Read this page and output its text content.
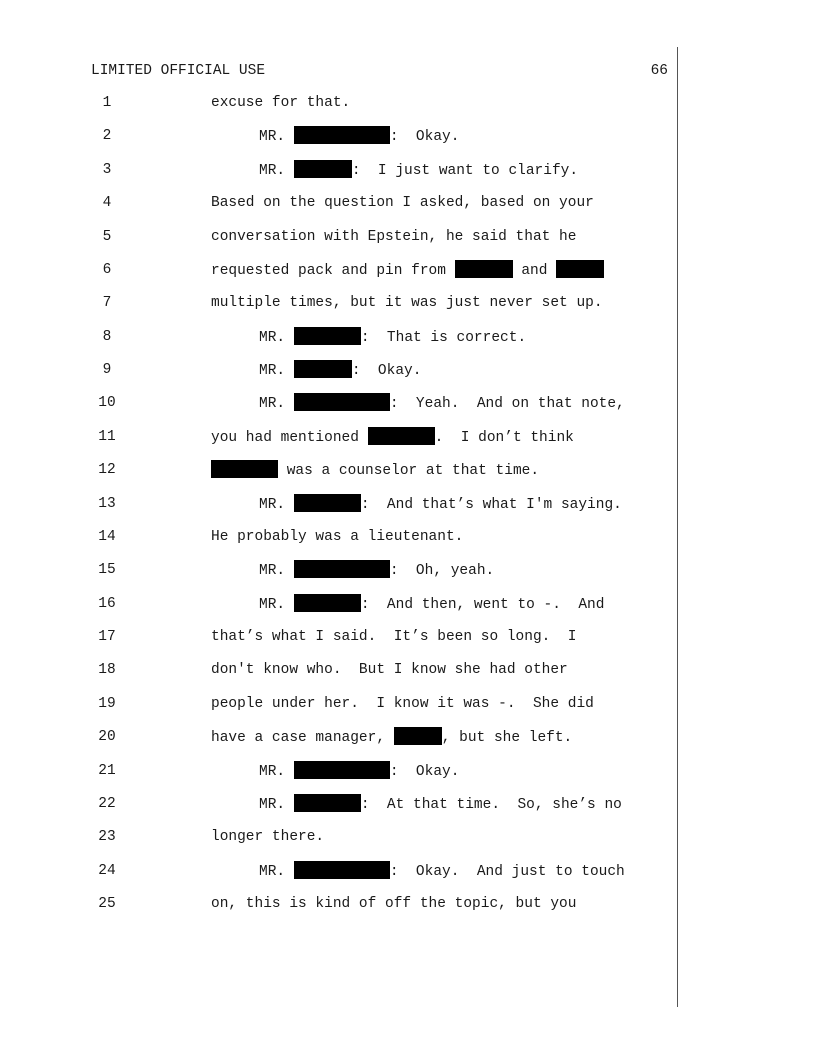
LIMITED OFFICIAL USE	66
1	excuse for that.
2	MR.	:  Okay.
3	MR.	:  I just want to clarify.
4	Based on the question I asked, based on your
5	conversation with Epstein, he said that he
6	requested pack and pin from	and
7	multiple times, but it was just never set up.
8	MR.	:  That is correct.
9	MR.	:  Okay.
10	MR.	:  Yeah.  And on that note,
11	you had mentioned	.  I don’t think
12	was a counselor at that time.
13	MR.	:  And that’s what I'm saying.
14	He probably was a lieutenant.
15	MR.	:  Oh, yeah.
16	MR.	:  And then, went to -.  And
17	that’s what I said.  It’s been so long.  I
18	don't know who.  But I know she had other
19	people under her.  I know it was -.  She did
20	have a case manager,	, but she left.
21	MR.	:  Okay.
22	MR.	:  At that time.  So, she’s no
23	longer there.
24	MR.	:  Okay.  And just to touch
25	on, this is kind of off the topic, but you
